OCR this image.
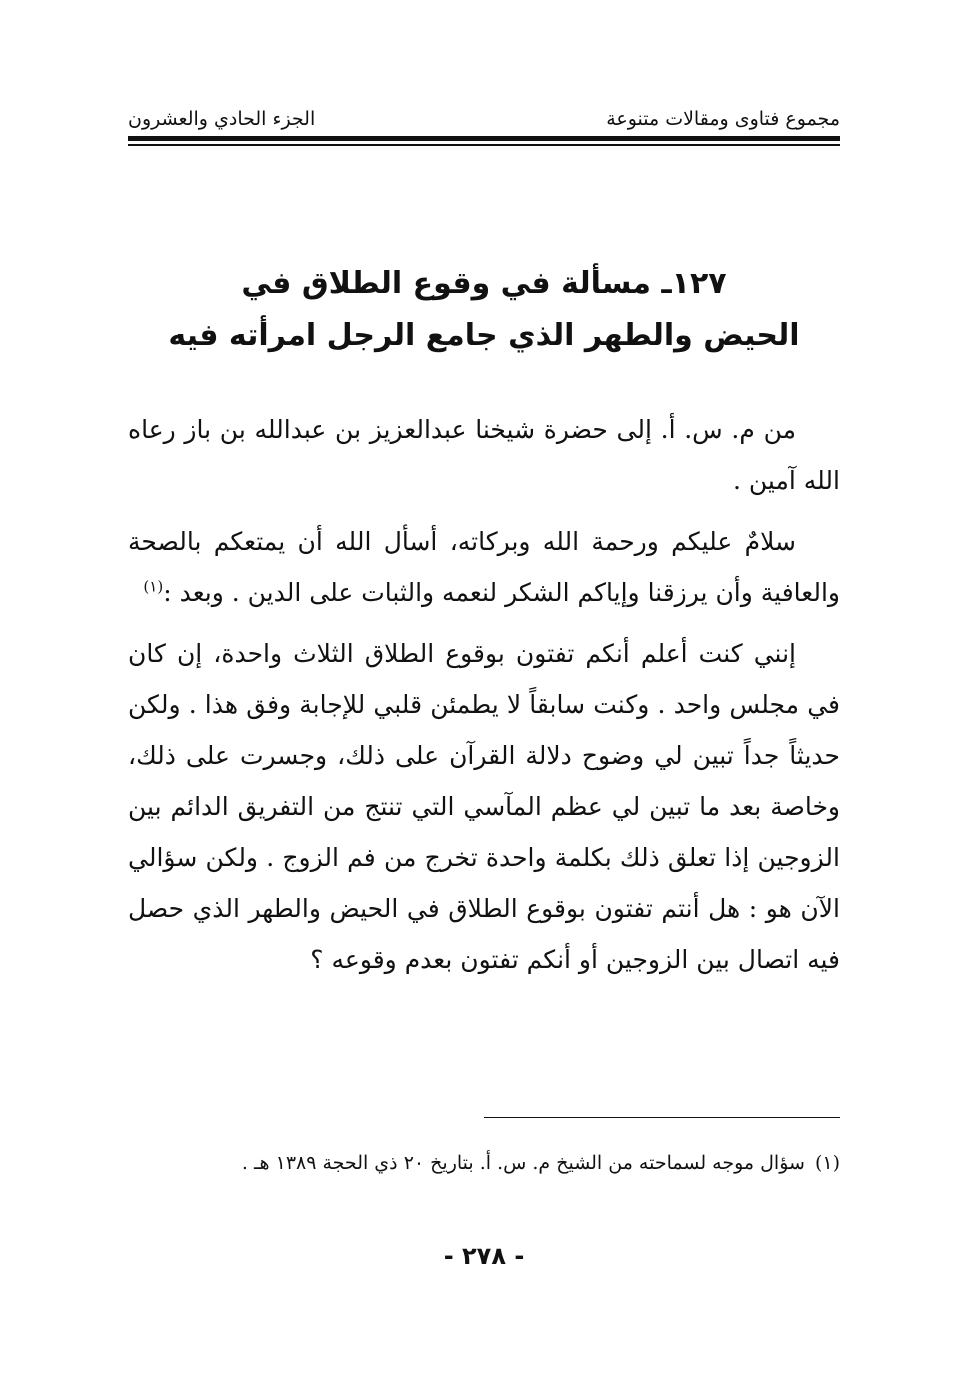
مجموع فتاوى ومقالات متنوعة
الجزء الحادي والعشرون
١٢٧ـ مسألة في وقوع الطلاق في
الحيض والطهر الذي جامع الرجل امرأته فيه

من م. س. أ. إلى حضرة شيخنا عبدالعزيز بن عبدالله بن باز رعاه الله آمين .

سلامٌ عليكم ورحمة الله وبركاته، أسأل الله أن يمتعكم بالصحة والعافية وأن يرزقنا وإياكم الشكر لنعمه والثبات على الدين . وبعد :$^{(١)}$

إنني كنت أعلم أنكم تفتون بوقوع الطلاق الثلاث واحدة، إن كان في مجلس واحد . وكنت سابقاً لا يطمئن قلبي للإجابة وفق هذا . ولكن حديثاً جداً تبين لي وضوح دلالة القرآن على ذلك، وجسرت على ذلك، وخاصة بعد ما تبين لي عظم المآسي التي تنتج من التفريق الدائم بين الزوجين إذا تعلق ذلك بكلمة واحدة تخرج من فم الزوج . ولكن سؤالي الآن هو : هل أنتم تفتون بوقوع الطلاق في الحيض والطهر الذي حصل فيه اتصال بين الزوجين أو أنكم تفتون بعدم وقوعه ؟

(١)
سؤال موجه لسماحته من الشيخ م. س. أ. بتاريخ ٢٠ ذي الحجة ١٣٨٩ هـ .
- ٢٧٨ -
